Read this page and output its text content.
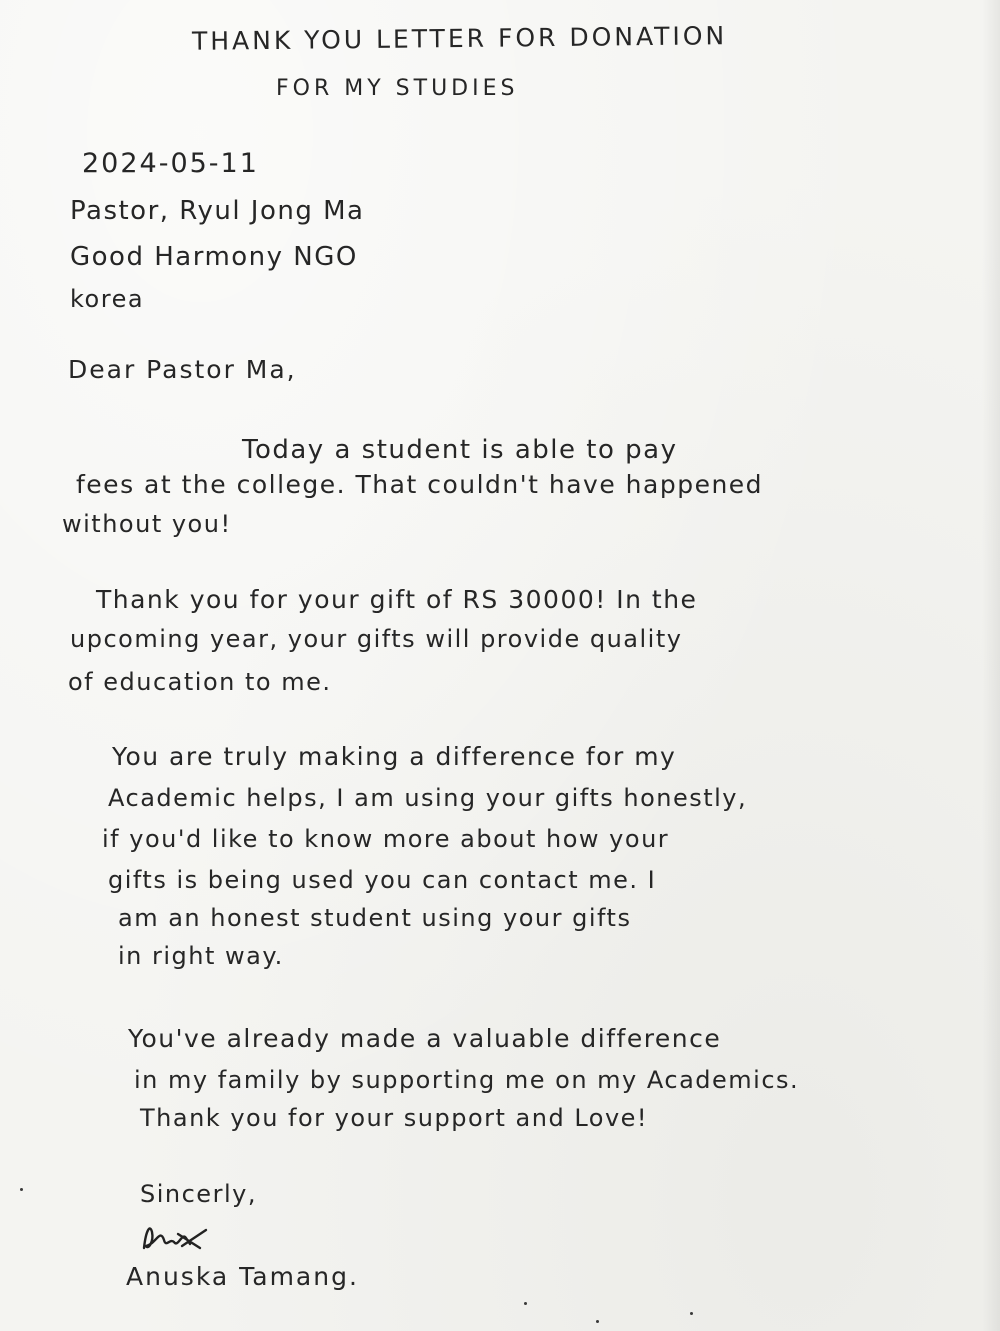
THANK YOU LETTER FOR DONATION
FOR MY STUDIES
2024-05-11
Pastor, Ryul Jong Ma
Good Harmony NGO
korea
Dear Pastor Ma,
Today a student is able to pay
fees at the college. That couldn't have happened
without you!
Thank you for your gift of RS 30000! In the
upcoming year, your gifts will provide quality
of education to me.
You are truly making a difference for my
Academic helps, I am using your gifts honestly,
if you'd like to know more about how your
gifts is being used you can contact me. I
am an honest student using your gifts
in right way.
You've already made a valuable difference
in my family by supporting me on my Academics.
Thank you for your support and Love!
Sincerly,
Anuska Tamang.
